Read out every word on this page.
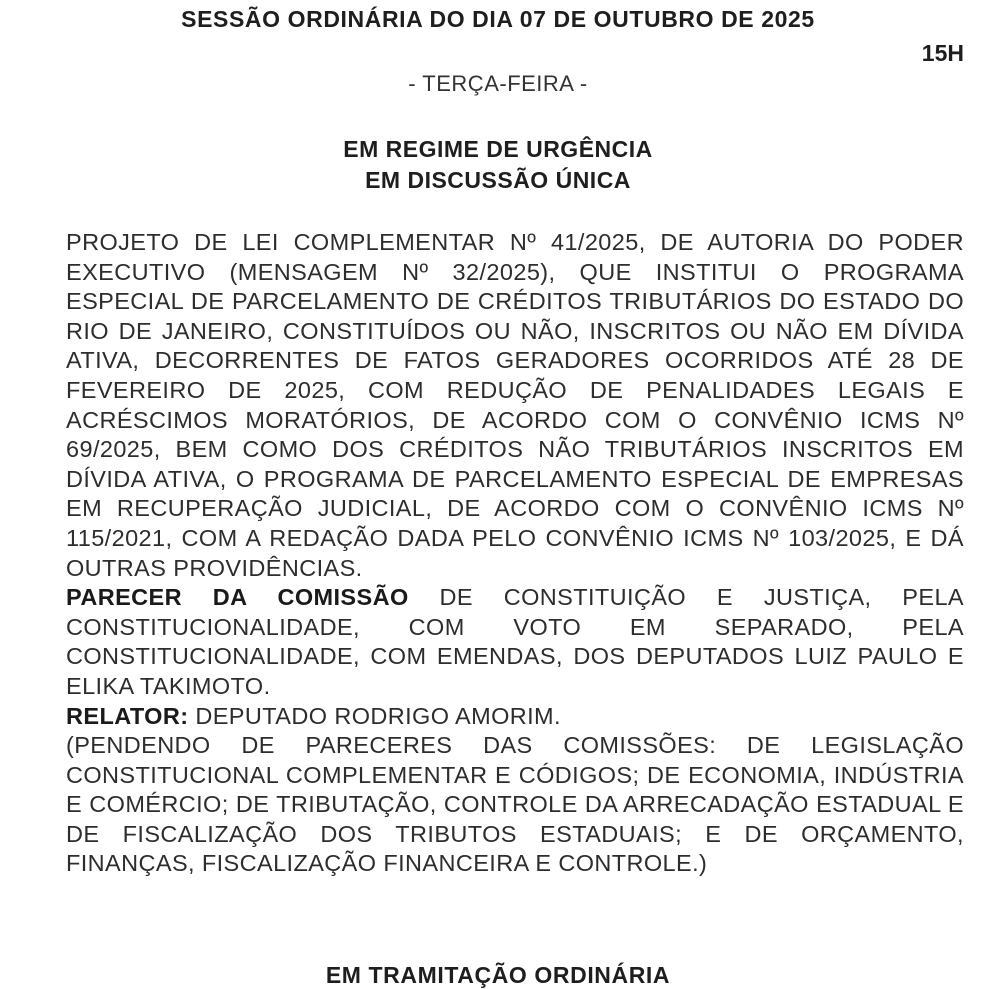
SESSÃO ORDINÁRIA DO DIA 07 DE OUTUBRO DE 2025
15H
- TERÇA-FEIRA -
EM REGIME DE URGÊNCIA
EM DISCUSSÃO ÚNICA

PROJETO DE LEI COMPLEMENTAR Nº 41/2025, DE AUTORIA DO PODER EXECUTIVO (MENSAGEM Nº 32/2025), QUE INSTITUI O PROGRAMA ESPECIAL DE PARCELAMENTO DE CRÉDITOS TRIBUTÁRIOS DO ESTADO DO RIO DE JANEIRO, CONSTITUÍDOS OU NÃO, INSCRITOS OU NÃO EM DÍVIDA ATIVA, DECORRENTES DE FATOS GERADORES OCORRIDOS ATÉ 28 DE FEVEREIRO DE 2025, COM REDUÇÃO DE PENALIDADES LEGAIS E ACRÉSCIMOS MORATÓRIOS, DE ACORDO COM O CONVÊNIO ICMS Nº 69/2025, BEM COMO DOS CRÉDITOS NÃO TRIBUTÁRIOS INSCRITOS EM DÍVIDA ATIVA, O PROGRAMA DE PARCELAMENTO ESPECIAL DE EMPRESAS EM RECUPERAÇÃO JUDICIAL, DE ACORDO COM O CONVÊNIO ICMS Nº 115/2021, COM A REDAÇÃO DADA PELO CONVÊNIO ICMS Nº 103/2025, E DÁ OUTRAS PROVIDÊNCIAS.

PARECER DA COMISSÃO DE CONSTITUIÇÃO E JUSTIÇA, PELA CONSTITUCIONALIDADE, COM VOTO EM SEPARADO, PELA CONSTITUCIONALIDADE, COM EMENDAS, DOS DEPUTADOS LUIZ PAULO E ELIKA TAKIMOTO.

RELATOR: DEPUTADO RODRIGO AMORIM.

(PENDENDO DE PARECERES DAS COMISSÕES: DE LEGISLAÇÃO CONSTITUCIONAL COMPLEMENTAR E CÓDIGOS; DE ECONOMIA, INDÚSTRIA E COMÉRCIO; DE TRIBUTAÇÃO, CONTROLE DA ARRECADAÇÃO ESTADUAL E DE FISCALIZAÇÃO DOS TRIBUTOS ESTADUAIS; E DE ORÇAMENTO, FINANÇAS, FISCALIZAÇÃO FINANCEIRA E CONTROLE.)

EM TRAMITAÇÃO ORDINÁRIA
